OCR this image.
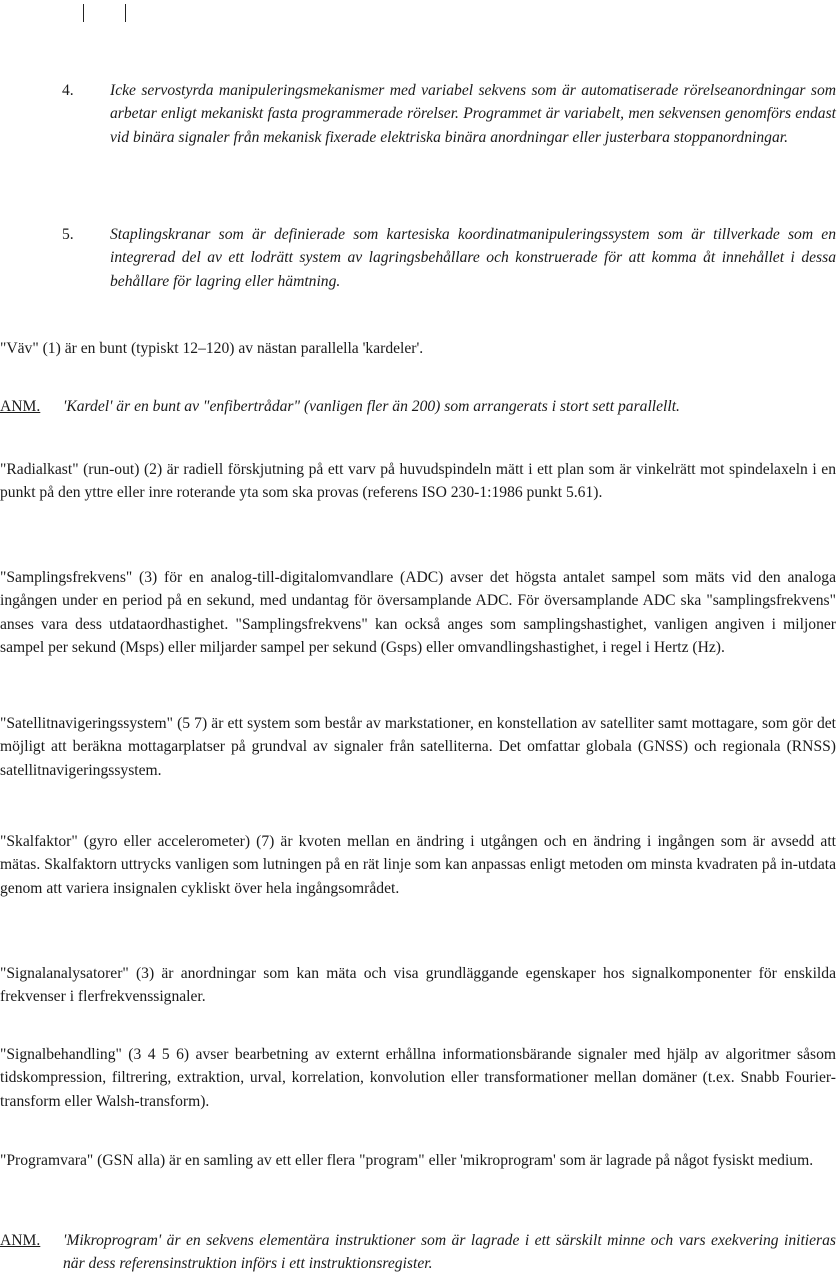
4. Icke servostyrda manipuleringsmekanismer med variabel sekvens som är automatiserade rörelseanordningar som arbetar enligt mekaniskt fasta programmerade rörelser. Programmet är variabelt, men sekvensen genomförs endast vid binära signaler från mekanisk fixerade elektriska binära anordningar eller justerbara stoppanordningar.

5. Staplingskranar som är definierade som kartesiska koordinatmanipuleringssystem som är tillverkade som en integrerad del av ett lodrätt system av lagringsbehållare och konstruerade för att komma åt innehållet i dessa behållare för lagring eller hämtning.

"Väv" (1) är en bunt (typiskt 12–120) av nästan parallella 'kardeler'.

ANM. 'Kardel' är en bunt av "enfibertrådar" (vanligen fler än 200) som arrangerats i stort sett parallellt.

"Radialkast" (run-out) (2) är radiell förskjutning på ett varv på huvudspindeln mätt i ett plan som är vinkelrätt mot spindelaxeln i en punkt på den yttre eller inre roterande yta som ska provas (referens ISO 230-1:1986 punkt 5.61).

"Samplingsfrekvens" (3) för en analog-till-digitalomvandlare (ADC) avser det högsta antalet sampel som mäts vid den analoga ingången under en period på en sekund, med undantag för översamplande ADC. För översamplande ADC ska "samplingsfrekvens" anses vara dess utdataordhastighet. "Samplingsfrekvens" kan också anges som samplingshastighet, vanligen angiven i miljoner sampel per sekund (Msps) eller miljarder sampel per sekund (Gsps) eller omvandlingshastighet, i regel i Hertz (Hz).

"Satellitnavigeringssystem" (5 7) är ett system som består av markstationer, en konstellation av satelliter samt mottagare, som gör det möjligt att beräkna mottagarplatser på grundval av signaler från satelliterna. Det omfattar globala (GNSS) och regionala (RNSS) satellitnavigeringssystem.

"Skalfaktor" (gyro eller accelerometer) (7) är kvoten mellan en ändring i utgången och en ändring i ingången som är avsedd att mätas. Skalfaktorn uttrycks vanligen som lutningen på en rät linje som kan anpassas enligt metoden om minsta kvadraten på in-utdata genom att variera insignalen cykliskt över hela ingångsområdet.

"Signalanalysatorer" (3) är anordningar som kan mäta och visa grundläggande egenskaper hos signalkomponenter för enskilda frekvenser i flerfrekvenssignaler.

"Signalbehandling" (3 4 5 6) avser bearbetning av externt erhållna informationsbärande signaler med hjälp av algoritmer såsom tidskompression, filtrering, extraktion, urval, korrelation, konvolution eller transformationer mellan domäner (t.ex. Snabb Fourier-transform eller Walsh-transform).

"Programvara" (GSN alla) är en samling av ett eller flera "program" eller 'mikroprogram' som är lagrade på något fysiskt medium.

ANM. 'Mikroprogram' är en sekvens elementära instruktioner som är lagrade i ett särskilt minne och vars exekvering initieras när dess referensinstruktion införs i ett instruktionsregister.
